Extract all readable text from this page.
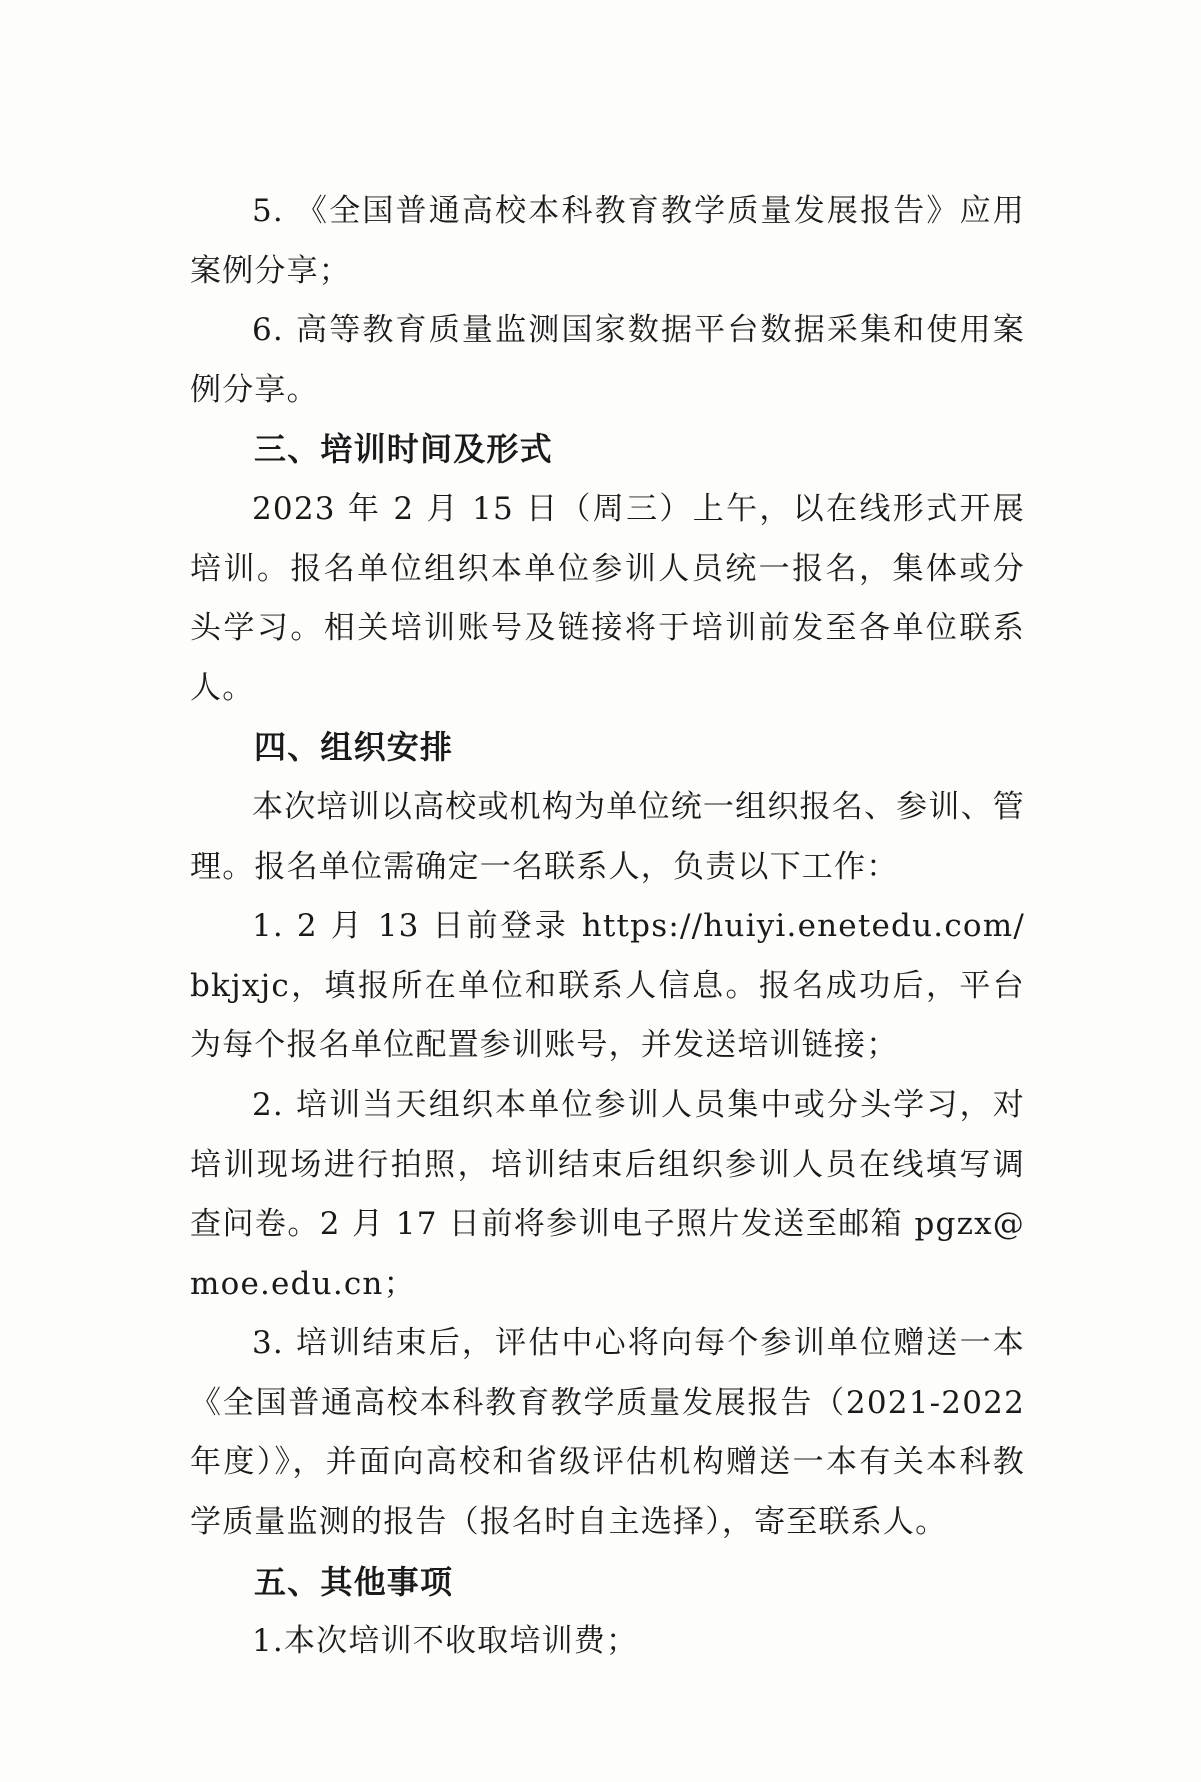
5. 《全国普通高校本科教育教学质量发展报告》应用案例分享；

6. 高等教育质量监测国家数据平台数据采集和使用案例分享。

三、培训时间及形式

2023 年 2 月 15 日（周三）上午，以在线形式开展培训。报名单位组织本单位参训人员统一报名，集体或分头学习。相关培训账号及链接将于培训前发至各单位联系人。

四、组织安排

本次培训以高校或机构为单位统一组织报名、参训、管理。报名单位需确定一名联系人，负责以下工作：

1. 2 月 13 日前登录 https://huiyi.enetedu.com/bkjxjc，填报所在单位和联系人信息。报名成功后，平台为每个报名单位配置参训账号，并发送培训链接；

2. 培训当天组织本单位参训人员集中或分头学习，对培训现场进行拍照，培训结束后组织参训人员在线填写调查问卷。2 月 17 日前将参训电子照片发送至邮箱 pgzx@moe.edu.cn；

3. 培训结束后，评估中心将向每个参训单位赠送一本《全国普通高校本科教育教学质量发展报告（2021-2022 年度）》，并面向高校和省级评估机构赠送一本有关本科教学质量监测的报告（报名时自主选择），寄至联系人。

五、其他事项

1.本次培训不收取培训费；
